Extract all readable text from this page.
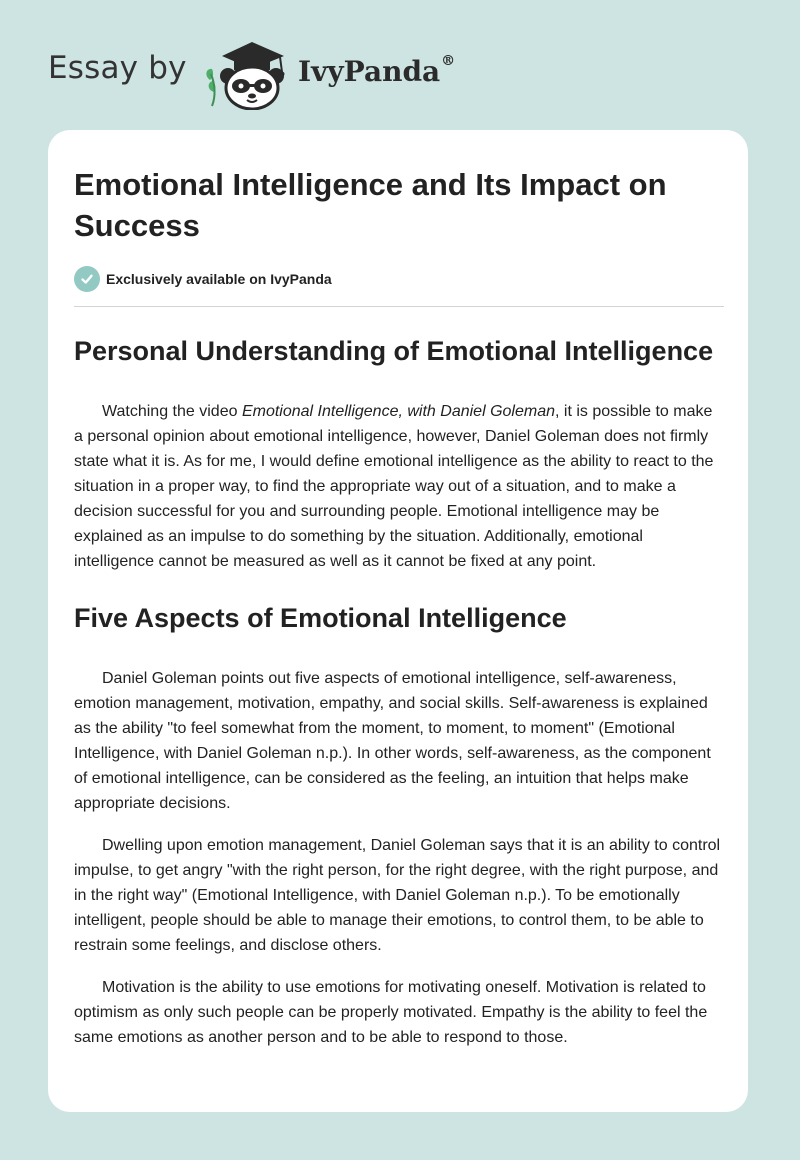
Essay by	IvyPanda®
Emotional Intelligence and Its Impact on Success
Exclusively available on IvyPanda
Personal Understanding of Emotional Intelligence

Watching the video Emotional Intelligence, with Daniel Goleman, it is possible to make a personal opinion about emotional intelligence, however, Daniel Goleman does not firmly state what it is. As for me, I would define emotional intelligence as the ability to react to the situation in a proper way, to find the appropriate way out of a situation, and to make a decision successful for you and surrounding people. Emotional intelligence may be explained as an impulse to do something by the situation. Additionally, emotional intelligence cannot be measured as well as it cannot be fixed at any point.

Five Aspects of Emotional Intelligence

Daniel Goleman points out five aspects of emotional intelligence, self-awareness, emotion management, motivation, empathy, and social skills. Self-awareness is explained as the ability "to feel somewhat from the moment, to moment, to moment" (Emotional Intelligence, with Daniel Goleman n.p.). In other words, self-awareness, as the component of emotional intelligence, can be considered as the feeling, an intuition that helps make appropriate decisions.

Dwelling upon emotion management, Daniel Goleman says that it is an ability to control impulse, to get angry "with the right person, for the right degree, with the right purpose, and in the right way" (Emotional Intelligence, with Daniel Goleman n.p.). To be emotionally intelligent, people should be able to manage their emotions, to control them, to be able to restrain some feelings, and disclose others.

Motivation is the ability to use emotions for motivating oneself. Motivation is related to optimism as only such people can be properly motivated. Empathy is the ability to feel the same emotions as another person and to be able to respond to those.
